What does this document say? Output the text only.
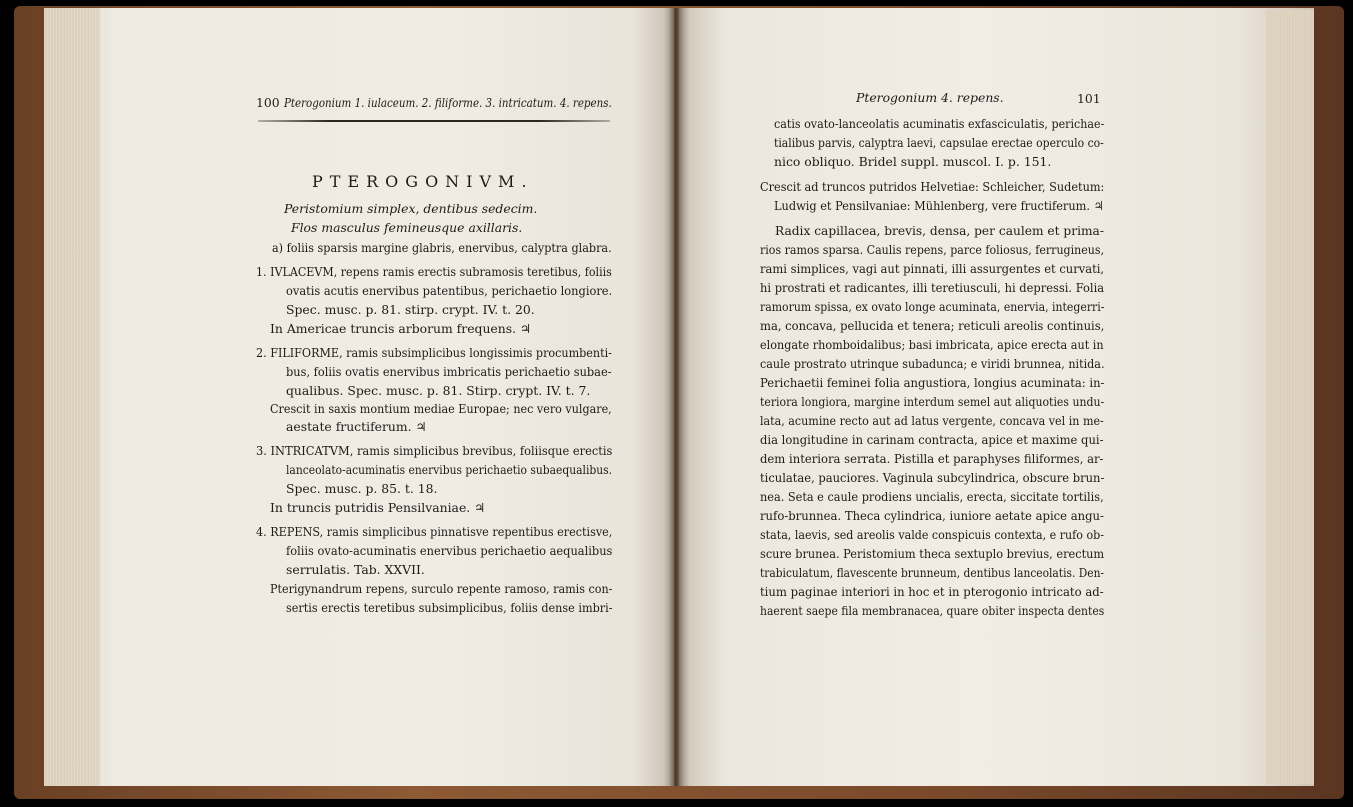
100 Pterogonium 1. iulaceum. 2. filiforme. 3. intricatum. 4. repens.
PTEROGONIVM.
Peristomium simplex, dentibus sedecim.
Flos masculus femineusque axillaris.
a) foliis sparsis margine glabris, enervibus, calyptra glabra.
1. IVLACEVM, repens ramis erectis subramosis teretibus, foliis
ovatis acutis enervibus patentibus, perichaetio longiore.
Spec. musc. p. 81. stirp. crypt. IV. t. 20.
In Americae truncis arborum frequens. ♃
2. FILIFORME, ramis subsimplicibus longissimis procumbenti-
bus, foliis ovatis enervibus imbricatis perichaetio subae-
qualibus. Spec. musc. p. 81. Stirp. crypt. IV. t. 7.
Crescit in saxis montium mediae Europae; nec vero vulgare,
aestate fructiferum. ♃
3. INTRICATVM, ramis simplicibus brevibus, foliisque erectis
lanceolato-acuminatis enervibus perichaetio subaequalibus.
Spec. musc. p. 85. t. 18.
In truncis putridis Pensilvaniae. ♃
4. REPENS, ramis simplicibus pinnatisve repentibus erectisve,
foliis ovato-acuminatis enervibus perichaetio aequalibus
serrulatis. Tab. XXVII.
Pterigynandrum repens, surculo repente ramoso, ramis con-
sertis erectis teretibus subsimplicibus, foliis dense imbri-
Pterogonium 4. repens.	101
catis ovato-lanceolatis acuminatis exfasciculatis, perichae-
tialibus parvis, calyptra laevi, capsulae erectae operculo co-
nico obliquo. Bridel suppl. muscol. I. p. 151.
Crescit ad truncos putridos Helvetiae: Schleicher, Sudetum:
Ludwig et Pensilvaniae: Mühlenberg, vere fructiferum. ♃
Radix capillacea, brevis, densa, per caulem et prima-
rios ramos sparsa. Caulis repens, parce foliosus, ferrugineus,
rami simplices, vagi aut pinnati, illi assurgentes et curvati,
hi prostrati et radicantes, illi teretiusculi, hi depressi. Folia
ramorum spissa, ex ovato longe acuminata, enervia, integerri-
ma, concava, pellucida et tenera; reticuli areolis continuis,
elongate rhomboidalibus; basi imbricata, apice erecta aut in
caule prostrato utrinque subadunca; e viridi brunnea, nitida.
Perichaetii feminei folia angustiora, longius acuminata: in-
teriora longiora, margine interdum semel aut aliquoties undu-
lata, acumine recto aut ad latus vergente, concava vel in me-
dia longitudine in carinam contracta, apice et maxime qui-
dem interiora serrata. Pistilla et paraphyses filiformes, ar-
ticulatae, pauciores. Vaginula subcylindrica, obscure brun-
nea. Seta e caule prodiens uncialis, erecta, siccitate tortilis,
rufo-brunnea. Theca cylindrica, iuniore aetate apice angu-
stata, laevis, sed areolis valde conspicuis contexta, e rufo ob-
scure brunea. Peristomium theca sextuplo brevius, erectum
trabiculatum, flavescente brunneum, dentibus lanceolatis. Den-
tium paginae interiori in hoc et in pterogonio intricato ad-
haerent saepe fila membranacea, quare obiter inspecta dentes
